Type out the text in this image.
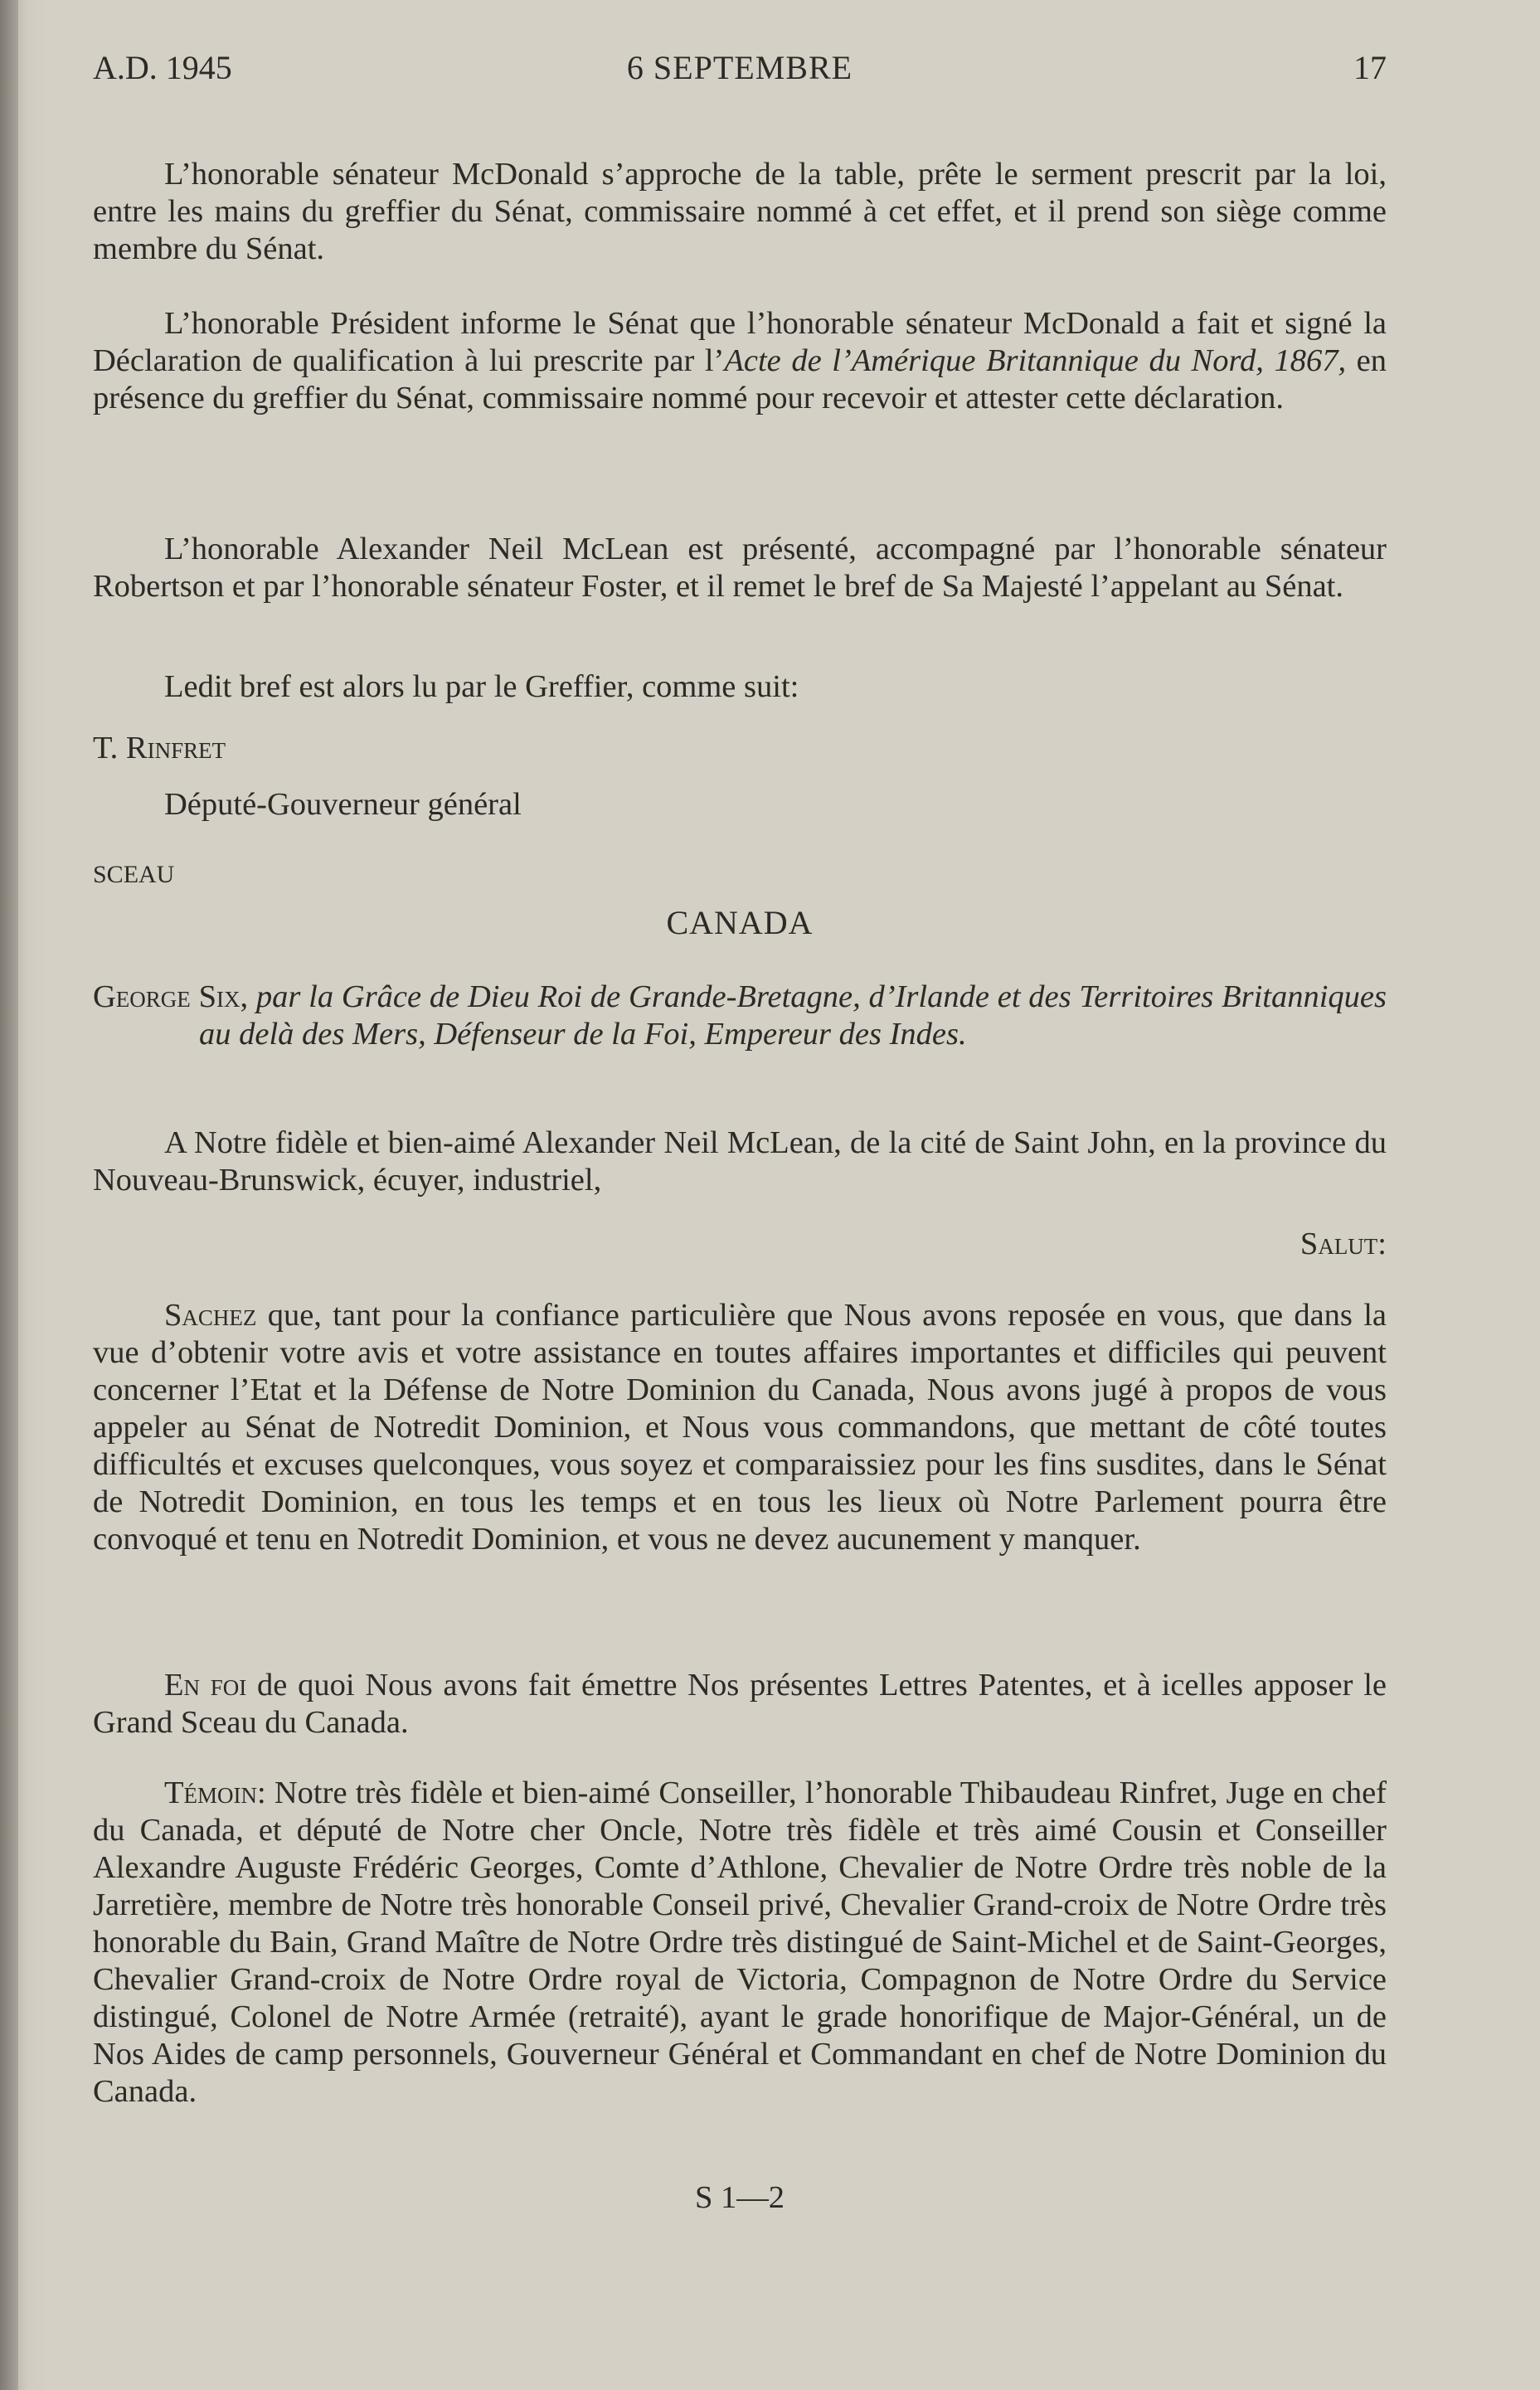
A.D. 1945	6 SEPTEMBRE	17

L’honorable sénateur McDonald s’approche de la table, prête le serment prescrit par la loi, entre les mains du greffier du Sénat, commissaire nommé à cet effet, et il prend son siège comme membre du Sénat.

L’honorable Président informe le Sénat que l’honorable sénateur McDonald a fait et signé la Déclaration de qualification à lui prescrite par l’Acte de l’Amérique Britannique du Nord, 1867, en présence du greffier du Sénat, commissaire nommé pour recevoir et attester cette déclaration.

L’honorable Alexander Neil McLean est présenté, accompagné par l’honorable sénateur Robertson et par l’honorable sénateur Foster, et il remet le bref de Sa Majesté l’appelant au Sénat.

Ledit bref est alors lu par le Greffier, comme suit:

T. Rinfret

Député-Gouverneur général

SCEAU

CANADA

George Six, par la Grâce de Dieu Roi de Grande-Bretagne, d’Irlande et des Territoires Britanniques au delà des Mers, Défenseur de la Foi, Empereur des Indes.

A Notre fidèle et bien-aimé Alexander Neil McLean, de la cité de Saint John, en la province du Nouveau-Brunswick, écuyer, industriel,

Salut:

Sachez que, tant pour la confiance particulière que Nous avons reposée en vous, que dans la vue d’obtenir votre avis et votre assistance en toutes affaires importantes et difficiles qui peuvent concerner l’Etat et la Défense de Notre Dominion du Canada, Nous avons jugé à propos de vous appeler au Sénat de Notredit Dominion, et Nous vous commandons, que mettant de côté toutes difficultés et excuses quelconques, vous soyez et comparaissiez pour les fins susdites, dans le Sénat de Notredit Dominion, en tous les temps et en tous les lieux où Notre Parlement pourra être convoqué et tenu en Notredit Dominion, et vous ne devez aucunement y manquer.

En foi de quoi Nous avons fait émettre Nos présentes Lettres Patentes, et à icelles apposer le Grand Sceau du Canada.

Témoin: Notre très fidèle et bien-aimé Conseiller, l’honorable Thibaudeau Rinfret, Juge en chef du Canada, et député de Notre cher Oncle, Notre très fidèle et très aimé Cousin et Conseiller Alexandre Auguste Frédéric Georges, Comte d’Athlone, Chevalier de Notre Ordre très noble de la Jarretière, membre de Notre très honorable Conseil privé, Chevalier Grand-croix de Notre Ordre très honorable du Bain, Grand Maître de Notre Ordre très distingué de Saint-Michel et de Saint-Georges, Chevalier Grand-croix de Notre Ordre royal de Victoria, Compagnon de Notre Ordre du Service distingué, Colonel de Notre Armée (retraité), ayant le grade honorifique de Major-Général, un de Nos Aides de camp personnels, Gouverneur Général et Commandant en chef de Notre Dominion du Canada.

S 1—2
